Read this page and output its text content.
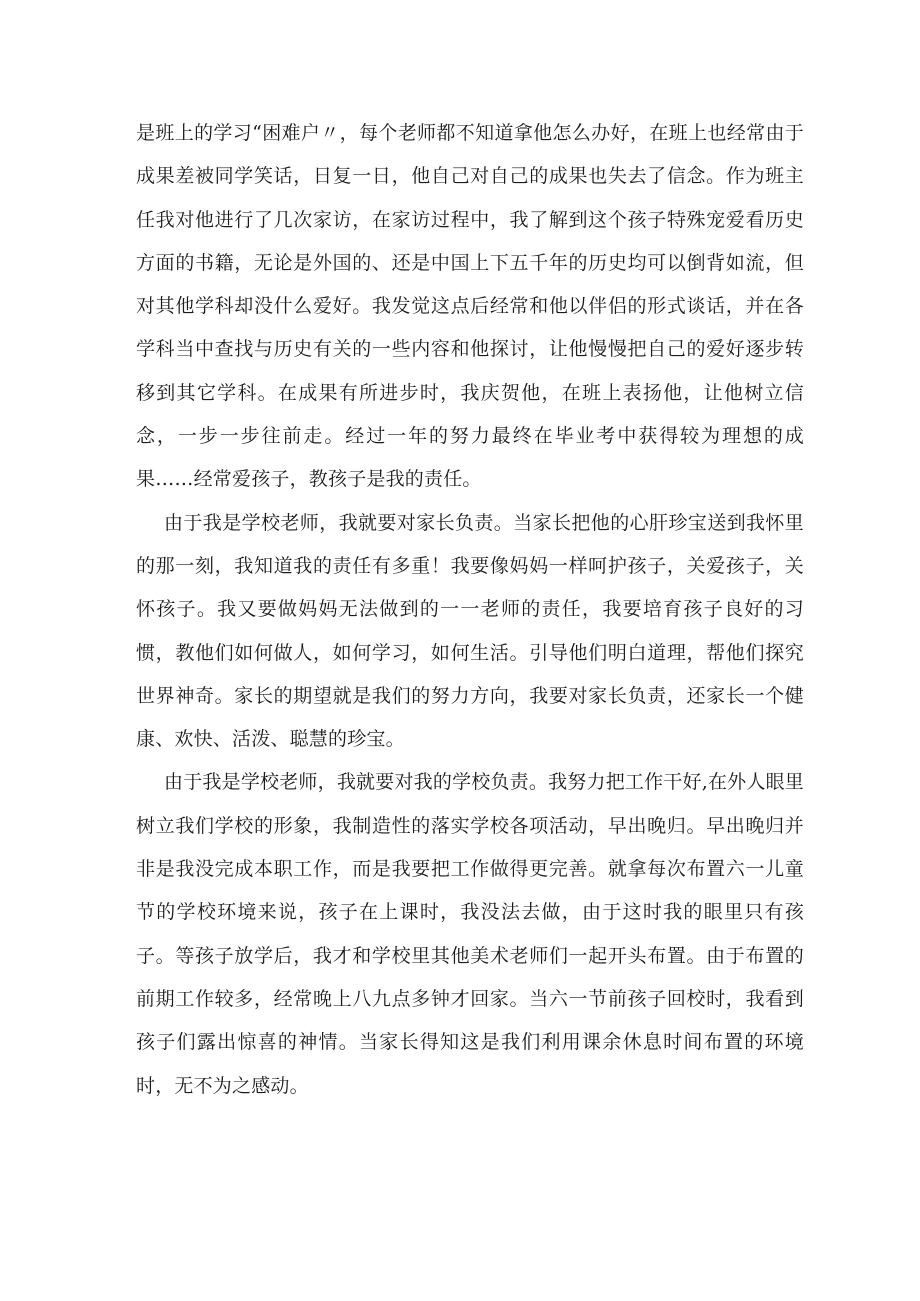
是班上的学习“困难户〃，每个老师都不知道拿他怎么办好，在班上也经常由于成果差被同学笑话，日复一日，他自己对自己的成果也失去了信念。作为班主任我对他进行了几次家访，在家访过程中，我了解到这个孩子特殊宠爱看历史方面的书籍，无论是外国的、还是中国上下五千年的历史均可以倒背如流，但对其他学科却没什么爱好。我发觉这点后经常和他以伴侣的形式谈话，并在各学科当中查找与历史有关的一些内容和他探讨，让他慢慢把自己的爱好逐步转移到其它学科。在成果有所进步时，我庆贺他，在班上表扬他，让他树立信念，一步一步往前走。经过一年的努力最终在毕业考中获得较为理想的成果……经常爱孩子，教孩子是我的责任。

由于我是学校老师，我就要对家长负责。当家长把他的心肝珍宝送到我怀里的那一刻，我知道我的责任有多重！我要像妈妈一样呵护孩子，关爱孩子，关怀孩子。我又要做妈妈无法做到的一一老师的责任，我要培育孩子良好的习惯，教他们如何做人，如何学习，如何生活。引导他们明白道理，帮他们探究世界神奇。家长的期望就是我们的努力方向，我要对家长负责，还家长一个健康、欢快、活泼、聪慧的珍宝。

由于我是学校老师，我就要对我的学校负责。我努力把工作干好,在外人眼里树立我们学校的形象，我制造性的落实学校各项活动，早出晚归。早出晚归并非是我没完成本职工作，而是我要把工作做得更完善。就拿每次布置六一儿童节的学校环境来说，孩子在上课时，我没法去做，由于这时我的眼里只有孩子。等孩子放学后，我才和学校里其他美术老师们一起开头布置。由于布置的前期工作较多，经常晚上八九点多钟才回家。当六一节前孩子回校时，我看到孩子们露出惊喜的神情。当家长得知这是我们利用课余休息时间布置的环境时，无不为之感动。
